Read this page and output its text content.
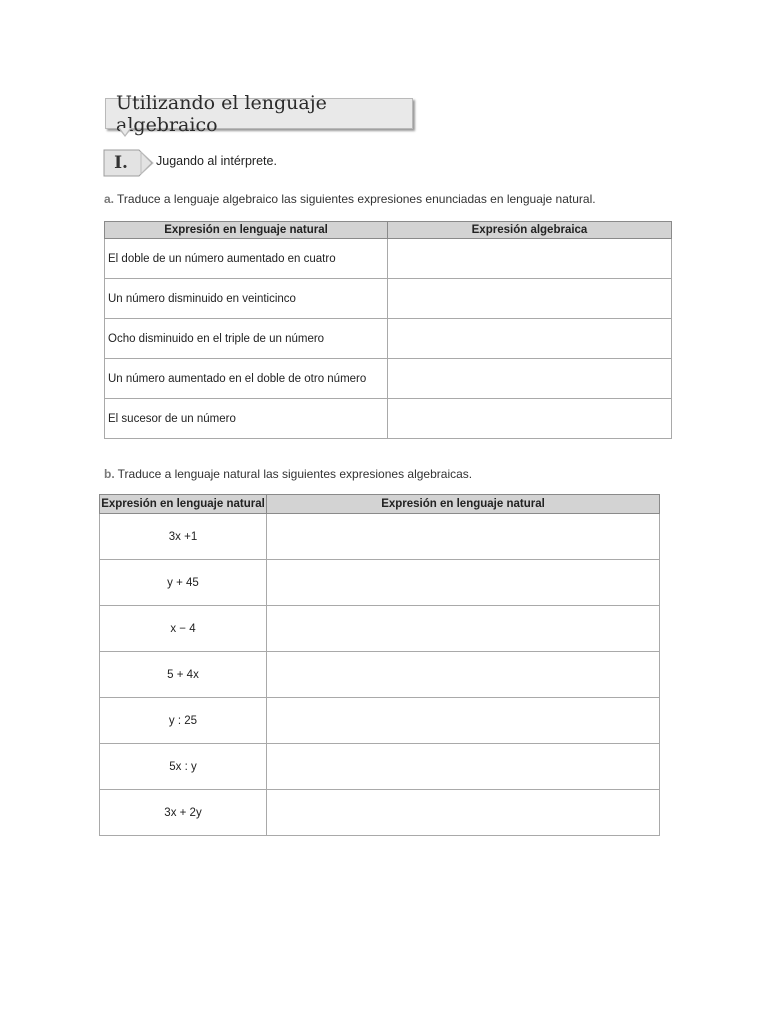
Utilizando el lenguaje algebraico
I.	Jugando al intérprete.
a. Traduce a lenguaje algebraico las siguientes expresiones enunciadas en lenguaje natural.
Expresión en lenguaje natural	Expresión algebraica
El doble de un número aumentado en cuatro	
Un número disminuido en veinticinco	
Ocho disminuido en el triple de un número	
Un número aumentado en el doble de otro número	
El sucesor de un número	
b. Traduce a lenguaje natural las siguientes expresiones algebraicas.
Expresión en lenguaje natural	Expresión en lenguaje natural
3x +1	
y + 45	
x − 4	
5 + 4x	
y : 25	
5x : y	
3x + 2y	
